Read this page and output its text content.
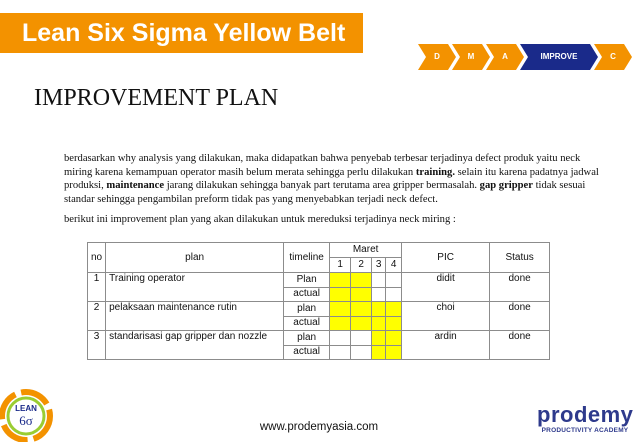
Lean Six Sigma Yellow Belt
D	M	A	IMPROVE	C
IMPROVEMENT PLAN
berdasarkan why analysis yang dilakukan, maka didapatkan bahwa penyebab terbesar terjadinya defect produk yaitu neck miring karena kemampuan operator masih belum merata sehingga perlu dilakukan training. selain itu karena padatnya jadwal produksi, maintenance jarang dilakukan sehingga banyak part terutama area gripper bermasalah. gap gripper tidak sesuai standar sehingga pengambilan preform tidak pas yang menyebabkan terjadi neck defect.
berikut ini improvement plan yang akan dilakukan untuk mereduksi terjadinya neck miring :
no	plan	timeline	Maret				PIC	Status
			1	2	3	4		
1	Training operator	Plan					didit	done
		actual						
2	pelaksaan maintenance rutin	plan					choi	done
		actual						
3	standarisasi gap gripper dan nozzle	plan					ardin	done
		actual						
LEAN
6σ	www.prodemyasia.com	prodemy
PRODUCTIVITY ACADEMY
